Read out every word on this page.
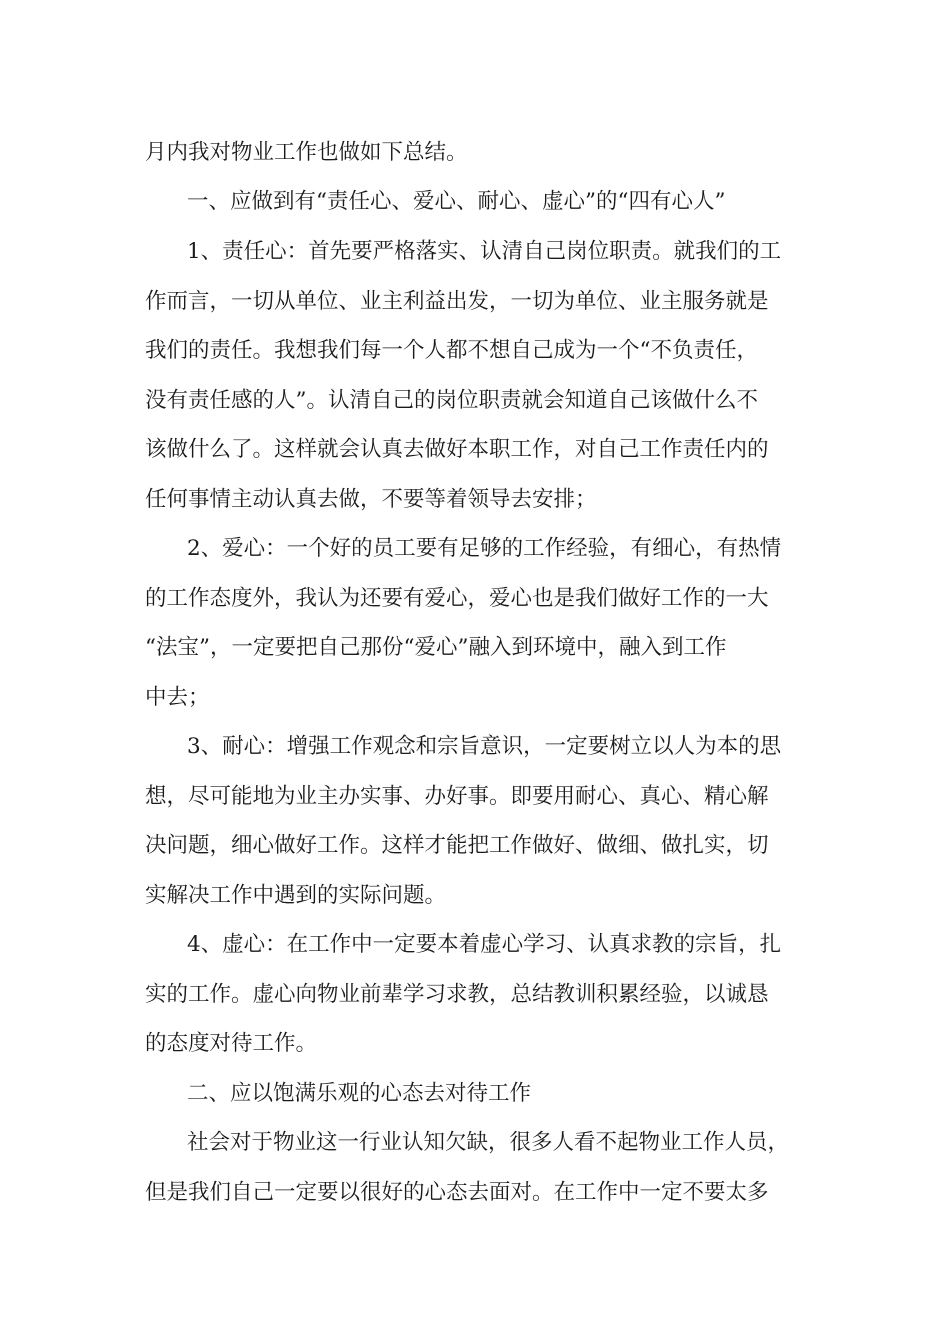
月内我对物业工作也做如下总结。
一、应做到有“责任心、爱心、耐心、虚心”的“四有心人”
1、责任心：首先要严格落实、认清自己岗位职责。就我们的工
作而言，一切从单位、业主利益出发，一切为单位、业主服务就是
我们的责任。我想我们每一个人都不想自己成为一个“不负责任，
没有责任感的人”。认清自己的岗位职责就会知道自己该做什么不
该做什么了。这样就会认真去做好本职工作，对自己工作责任内的
任何事情主动认真去做，不要等着领导去安排；
2、爱心：一个好的员工要有足够的工作经验，有细心，有热情
的工作态度外，我认为还要有爱心，爱心也是我们做好工作的一大
“法宝”，一定要把自己那份“爱心”融入到环境中，融入到工作
中去；
3、耐心：增强工作观念和宗旨意识，一定要树立以人为本的思
想，尽可能地为业主办实事、办好事。即要用耐心、真心、精心解
决问题，细心做好工作。这样才能把工作做好、做细、做扎实，切
实解决工作中遇到的实际问题。
4、虚心：在工作中一定要本着虚心学习、认真求教的宗旨，扎
实的工作。虚心向物业前辈学习求教，总结教训积累经验，以诚恳
的态度对待工作。
二、应以饱满乐观的心态去对待工作
社会对于物业这一行业认知欠缺，很多人看不起物业工作人员，
但是我们自己一定要以很好的心态去面对。在工作中一定不要太多
